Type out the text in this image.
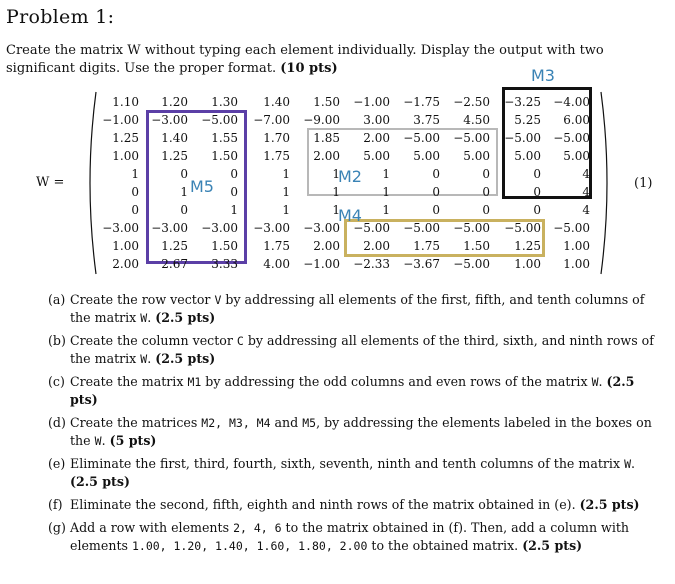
Problem 1:
Create the matrix W without typing each element individually. Display the output with two significant digits. Use the proper format. (10 pts)
W =	(1)
M5
M2
M3
M4
1.10 1.20 1.30 1.40 1.50 −1.00 −1.75 −2.50 −3.25 −4.00
−1.00 −3.00 −5.00 −7.00 −9.00 3.00 3.75 4.50 5.25 6.00
1.25 1.40 1.55 1.70 1.85 2.00 −5.00 −5.00 −5.00 −5.00
1.00 1.25 1.50 1.75 2.00 5.00 5.00 5.00 5.00 5.00
1	0	0	1	1	1	0	0	0	4
0	1	0	1	1	1	0	0	0	4
0	0	1	1	1	1	0	0	0	4
−3.00 −3.00 −3.00 −3.00 −3.00 −5.00 −5.00 −5.00 −5.00 −5.00
1.00 1.25 1.50 1.75 2.00 2.00 1.75 1.50 1.25 1.00
2.00 2.67 3.33 4.00 −1.00 −2.33 −3.67 −5.00 1.00 1.00
(a) Create the row vector V by addressing all elements of the first, fifth, and tenth columns of the matrix W. (2.5 pts)
(b) Create the column vector C by addressing all elements of the third, sixth, and ninth rows of the matrix W. (2.5 pts)
(c) Create the matrix M1 by addressing the odd columns and even rows of the matrix W. (2.5 pts)
(d) Create the matrices M2, M3, M4 and M5, by addressing the elements labeled in the boxes on the W. (5 pts)
(e) Eliminate the first, third, fourth, sixth, seventh, ninth and tenth columns of the matrix W. (2.5 pts)
(f) Eliminate the second, fifth, eighth and ninth rows of the matrix obtained in (e). (2.5 pts)
(g) Add a row with elements 2, 4, 6 to the matrix obtained in (f). Then, add a column with elements 1.00, 1.20, 1.40, 1.60, 1.80, 2.00 to the obtained matrix. (2.5 pts)
